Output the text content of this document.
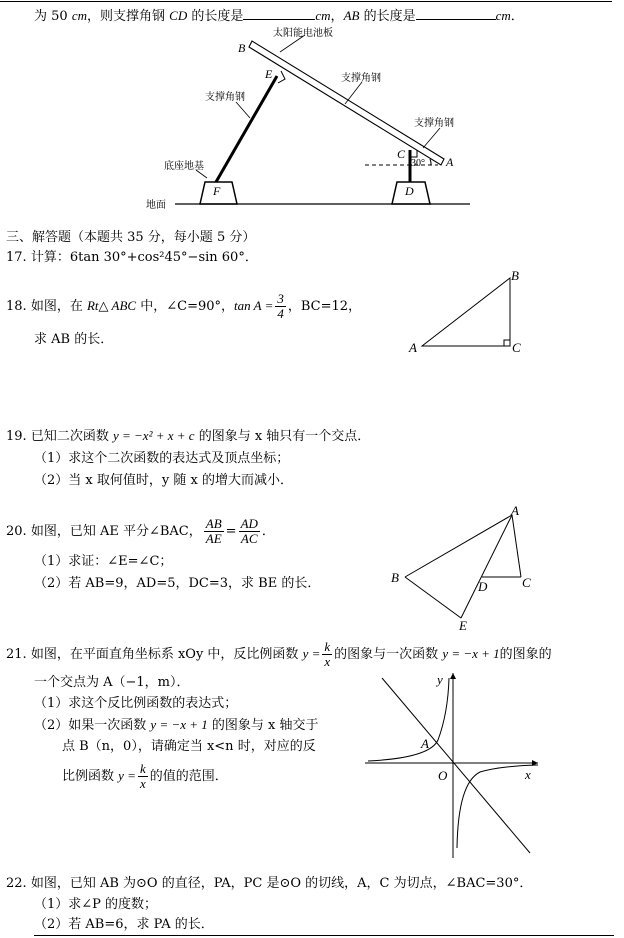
为 50 cm，则支撑角钢 CD 的长度是	cm，AB 的长度是	cm．
太阳能电池板
支撑角钢
支撑角钢
支撑角钢
底座地基
地面
B
E
F
C
A
D
30°
三、解答题（本题共 35 分，每小题 5 分）
17. 计算：6tan 30°+cos²45°−sin 60°．
18. 如图，在 Rt△ ABC 中，∠C=90°，$\tan A = \frac{3}{4}$ ，BC=12，
求 AB 的长．
B
A	C
19. 已知二次函数 y = −x² + x + c 的图象与 x 轴只有一个交点．
（1）求这个二次函数的表达式及顶点坐标；
（2）当 x 取何值时，y 随 x 的增大而减小．
20. 如图，已知 AE 平分∠BAC， $\frac{AB}{AE} = \frac{AD}{AC}$ ．
（1）求证：∠E=∠C；
（2）若 AB=9，AD=5，DC=3，求 BE 的长．
A
B	C
D
E
21. 如图，在平面直角坐标系 xOy 中，反比例函数 $y = \frac{k}{x}$ 的图象与一次函数 y = −x + 1的图象的
一个交点为 A（−1，m）．
（1）求这个反比例函数的表达式；
（2）如果一次函数 y = −x + 1 的图象与 x 轴交于
点 B（n，0），请确定当 x<n 时，对应的反
比例函数 $y = \frac{k}{x}$ 的值的范围．
y
x
O
A
22. 如图，已知 AB 为⊙O 的直径，PA，PC 是⊙O 的切线，A，C 为切点，∠BAC=30°．
（1）求∠P 的度数；
（2）若 AB=6，求 PA 的长．
